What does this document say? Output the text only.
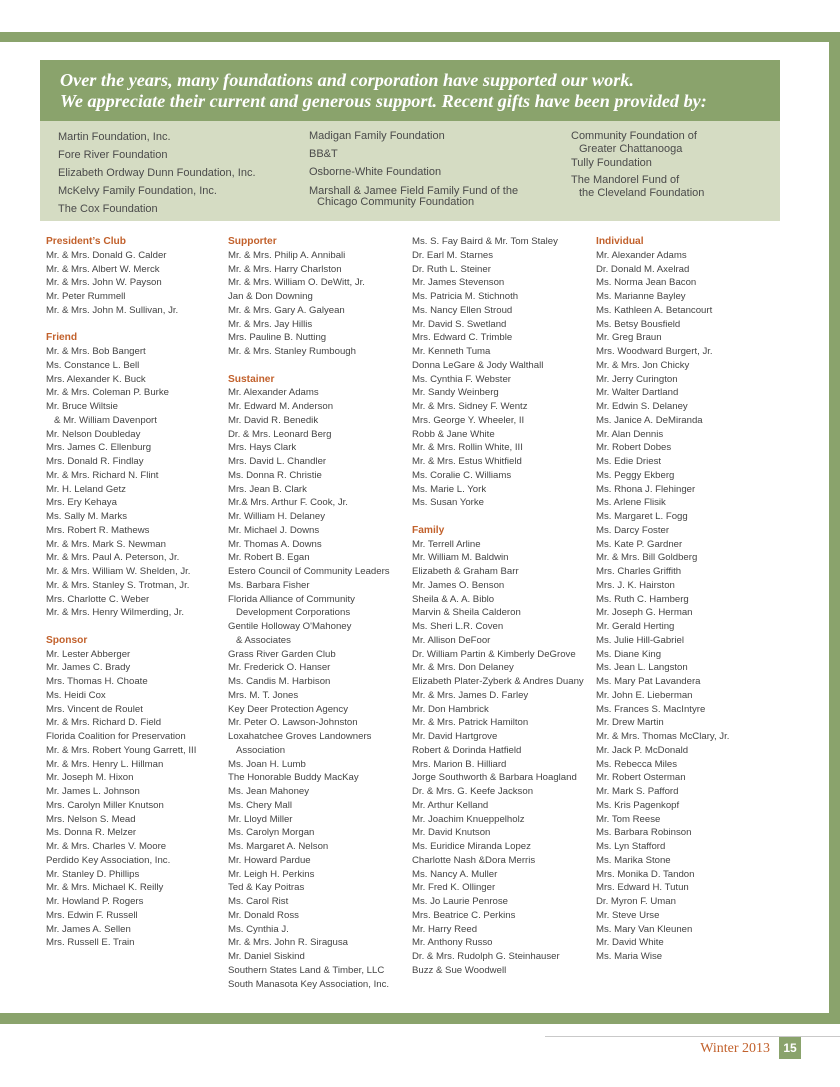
Over the years, many foundations and corporation have supported our work.
We appreciate their current and generous support. Recent gifts have been provided by:
Martin Foundation, Inc.
Fore River Foundation
Elizabeth Ordway Dunn Foundation, Inc.
McKelvy Family Foundation, Inc.
The Cox Foundation
Madigan Family Foundation
BB&T
Osborne-White Foundation
Marshall & Jamee Field Family Fund of the
Chicago Community Foundation
Community Foundation of
Greater Chattanooga
Tully Foundation
The Mandorel Fund of
the Cleveland Foundation
President’s Club
Mr. & Mrs. Donald G. Calder
Mr. & Mrs. Albert W. Merck
Mr. & Mrs. John W. Payson
Mr. Peter Rummell
Mr. & Mrs. John M. Sullivan, Jr.
Friend
Mr. & Mrs. Bob Bangert
Ms. Constance L. Bell
Mrs. Alexander K. Buck
Mr. & Mrs. Coleman P. Burke
Mr. Bruce Wiltsie
& Mr. William Davenport
Mr. Nelson Doubleday
Mrs. James C. Ellenburg
Mrs. Donald R. Findlay
Mr. & Mrs. Richard N. Flint
Mr. H. Leland Getz
Mrs. Ery Kehaya
Ms. Sally M. Marks
Mrs. Robert R. Mathews
Mr. & Mrs. Mark S. Newman
Mr. & Mrs. Paul A. Peterson, Jr.
Mr. & Mrs. William W. Shelden, Jr.
Mr. & Mrs. Stanley S. Trotman, Jr.
Mrs. Charlotte C. Weber
Mr. & Mrs. Henry Wilmerding, Jr.
Sponsor
Mr. Lester Abberger
Mr. James C. Brady
Mrs. Thomas H. Choate
Ms. Heidi Cox
Mrs. Vincent de Roulet
Mr. & Mrs. Richard D. Field
Florida Coalition for Preservation
Mr. & Mrs. Robert Young Garrett, III
Mr. & Mrs. Henry L. Hillman
Mr. Joseph M. Hixon
Mr. James L. Johnson
Mrs. Carolyn Miller Knutson
Mrs. Nelson S. Mead
Ms. Donna R. Melzer
Mr. & Mrs. Charles V. Moore
Perdido Key Association, Inc.
Mr. Stanley D. Phillips
Mr. & Mrs. Michael K. Reilly
Mr. Howland P. Rogers
Mrs. Edwin F. Russell
Mr. James A. Sellen
Mrs. Russell E. Train
Supporter
Mr. & Mrs. Philip A. Annibali
Mr. & Mrs. Harry Charlston
Mr. & Mrs. William O. DeWitt, Jr.
Jan & Don Downing
Mr. & Mrs. Gary A. Galyean
Mr. & Mrs. Jay Hillis
Mrs. Pauline B. Nutting
Mr. & Mrs. Stanley Rumbough
Sustainer
Mr. Alexander Adams
Mr. Edward M. Anderson
Mr. David R. Benedik
Dr. & Mrs. Leonard Berg
Mrs. Hays Clark
Mrs. David L. Chandler
Ms. Donna R. Christie
Mrs. Jean B. Clark
Mr.& Mrs. Arthur F. Cook, Jr.
Mr. William H. Delaney
Mr. Michael J. Downs
Mr. Thomas A. Downs
Mr. Robert B. Egan
Estero Council of Community Leaders
Ms. Barbara Fisher
Florida Alliance of Community
Development Corporations
Gentile Holloway O'Mahoney
& Associates
Grass River Garden Club
Mr. Frederick O. Hanser
Ms. Candis M. Harbison
Mrs. M. T. Jones
Key Deer Protection Agency
Mr. Peter O. Lawson-Johnston
Loxahatchee Groves Landowners
Association
Ms. Joan H. Lumb
The Honorable Buddy MacKay
Ms. Jean Mahoney
Ms. Chery Mall
Mr. Lloyd Miller
Ms. Carolyn Morgan
Ms. Margaret A. Nelson
Mr. Howard Pardue
Mr. Leigh H. Perkins
Ted & Kay Poitras
Ms. Carol Rist
Mr. Donald Ross
Ms. Cynthia J.
Mr. & Mrs. John R. Siragusa
Mr. Daniel Siskind
Southern States Land & Timber, LLC
South Manasota Key Association, Inc.
Ms. S. Fay Baird & Mr. Tom Staley
Dr. Earl M. Starnes
Dr. Ruth L. Steiner
Mr. James Stevenson
Ms. Patricia M. Stichnoth
Ms. Nancy Ellen Stroud
Mr. David S. Swetland
Mrs. Edward C. Trimble
Mr. Kenneth Tuma
Donna LeGare & Jody Walthall
Ms. Cynthia F. Webster
Mr. Sandy Weinberg
Mr. & Mrs. Sidney F. Wentz
Mrs. George Y. Wheeler, II
Robb & Jane White
Mr. & Mrs. Rollin White, III
Mr. & Mrs. Estus Whitfield
Ms. Coralie C. Williams
Ms. Marie L. York
Ms. Susan Yorke
Family
Mr. Terrell Arline
Mr. William M. Baldwin
Elizabeth & Graham Barr
Mr. James O. Benson
Sheila & A. A. Biblo
Marvin & Sheila Calderon
Ms. Sheri L.R. Coven
Mr. Allison DeFoor
Dr. William Partin & Kimberly DeGrove
Mr. & Mrs. Don Delaney
Elizabeth Plater-Zyberk & Andres Duany
Mr. & Mrs. James D. Farley
Mr. Don Hambrick
Mr. & Mrs. Patrick Hamilton
Mr. David Hartgrove
Robert & Dorinda Hatfield
Mrs. Marion B. Hilliard
Jorge Southworth & Barbara Hoagland
Dr. & Mrs. G. Keefe Jackson
Mr. Arthur Kelland
Mr. Joachim Knueppelholz
Mr. David Knutson
Ms. Euridice Miranda Lopez
Charlotte Nash &Dora Merris
Ms. Nancy A. Muller
Mr. Fred K. Ollinger
Ms. Jo Laurie Penrose
Mrs. Beatrice C. Perkins
Mr. Harry Reed
Mr. Anthony Russo
Dr. & Mrs. Rudolph G. Steinhauser
Buzz & Sue Woodwell
Individual
Mr. Alexander Adams
Dr. Donald M. Axelrad
Ms. Norma Jean Bacon
Ms. Marianne Bayley
Ms. Kathleen A. Betancourt
Ms. Betsy Bousfield
Mr. Greg Braun
Mrs. Woodward Burgert, Jr.
Mr. & Mrs. Jon Chicky
Mr. Jerry Curington
Mr. Walter Dartland
Mr. Edwin S. Delaney
Ms. Janice A. DeMiranda
Mr. Alan Dennis
Mr. Robert Dobes
Ms. Edie Driest
Ms. Peggy Ekberg
Ms. Rhona J. Flehinger
Ms. Arlene Flisik
Ms. Margaret L. Fogg
Ms. Darcy Foster
Ms. Kate P. Gardner
Mr. & Mrs. Bill Goldberg
Mrs. Charles Griffith
Mrs. J. K. Hairston
Ms. Ruth C. Hamberg
Mr. Joseph G. Herman
Mr. Gerald Herting
Ms. Julie Hill-Gabriel
Ms. Diane King
Ms. Jean L. Langston
Ms. Mary Pat Lavandera
Mr. John E. Lieberman
Ms. Frances S. MacIntyre
Mr. Drew Martin
Mr. & Mrs. Thomas McClary, Jr.
Mr. Jack P. McDonald
Ms. Rebecca Miles
Mr. Robert Osterman
Mr. Mark S. Pafford
Ms. Kris Pagenkopf
Mr. Tom Reese
Ms. Barbara Robinson
Ms. Lyn Stafford
Ms. Marika Stone
Mrs. Monika D. Tandon
Mrs. Edward H. Tutun
Dr. Myron F. Uman
Mr. Steve Urse
Ms. Mary Van Kleunen
Mr. David White
Ms. Maria Wise
Winter 2013	15
